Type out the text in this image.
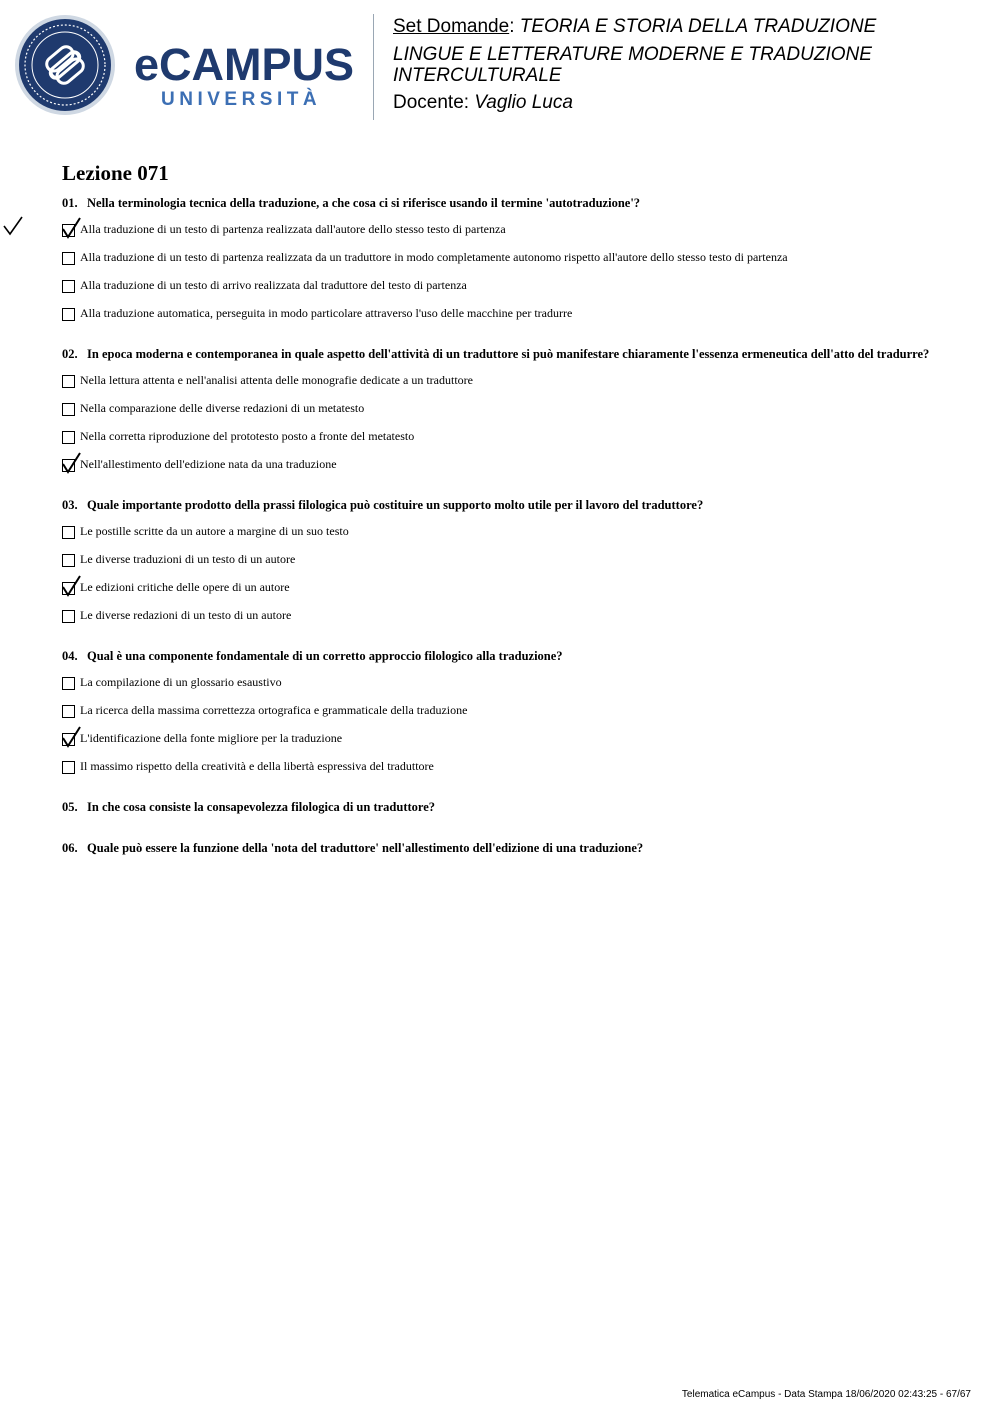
eCAMPUS
UNIVERSITÀ
Set Domande: TEORIA E STORIA DELLA TRADUZIONE
LINGUE E LETTERATURE MODERNE E TRADUZIONE INTERCULTURALE
Docente: Vaglio Luca
Lezione 071
01. Nella terminologia tecnica della traduzione, a che cosa ci si riferisce usando il termine 'autotraduzione'?
Alla traduzione di un testo di partenza realizzata dall'autore dello stesso testo di partenza
Alla traduzione di un testo di partenza realizzata da un traduttore in modo completamente autonomo rispetto all'autore dello stesso testo di partenza
Alla traduzione di un testo di arrivo realizzata dal traduttore del testo di partenza
Alla traduzione automatica, perseguita in modo particolare attraverso l'uso delle macchine per tradurre
02. In epoca moderna e contemporanea in quale aspetto dell'attività di un traduttore si può manifestare chiaramente l'essenza ermeneutica dell'atto del tradurre?
Nella lettura attenta e nell'analisi attenta delle monografie dedicate a un traduttore
Nella comparazione delle diverse redazioni di un metatesto
Nella corretta riproduzione del prototesto posto a fronte del metatesto
Nell'allestimento dell'edizione nata da una traduzione
03. Quale importante prodotto della prassi filologica può costituire un supporto molto utile per il lavoro del traduttore?
Le postille scritte da un autore a margine di un suo testo
Le diverse traduzioni di un testo di un autore
Le edizioni critiche delle opere di un autore
Le diverse redazioni di un testo di un autore
04. Qual è una componente fondamentale di un corretto approccio filologico alla traduzione?
La compilazione di un glossario esaustivo
La ricerca della massima correttezza ortografica e grammaticale della traduzione
L'identificazione della fonte migliore per la traduzione
Il massimo rispetto della creatività e della libertà espressiva del traduttore
05. In che cosa consiste la consapevolezza filologica di un traduttore?
06. Quale può essere la funzione della 'nota del traduttore' nell'allestimento dell'edizione di una traduzione?
Telematica eCampus - Data Stampa 18/06/2020 02:43:25 - 67/67
